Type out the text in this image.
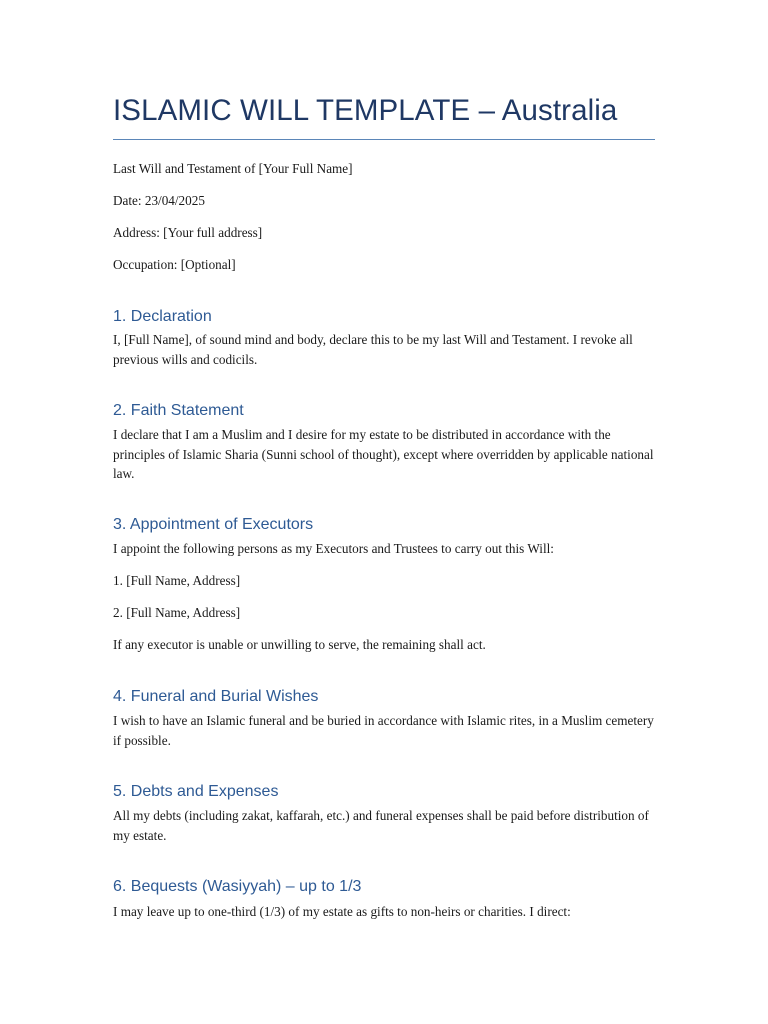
ISLAMIC WILL TEMPLATE – Australia
Last Will and Testament of [Your Full Name]
Date: 23/04/2025
Address: [Your full address]
Occupation: [Optional]
1. Declaration
I, [Full Name], of sound mind and body, declare this to be my last Will and Testament. I revoke all previous wills and codicils.
2. Faith Statement
I declare that I am a Muslim and I desire for my estate to be distributed in accordance with the principles of Islamic Sharia (Sunni school of thought), except where overridden by applicable national law.
3. Appointment of Executors
I appoint the following persons as my Executors and Trustees to carry out this Will:
1. [Full Name, Address]
2. [Full Name, Address]
If any executor is unable or unwilling to serve, the remaining shall act.
4. Funeral and Burial Wishes
I wish to have an Islamic funeral and be buried in accordance with Islamic rites, in a Muslim cemetery if possible.
5. Debts and Expenses
All my debts (including zakat, kaffarah, etc.) and funeral expenses shall be paid before distribution of my estate.
6. Bequests (Wasiyyah) – up to 1/3
I may leave up to one-third (1/3) of my estate as gifts to non-heirs or charities. I direct:
